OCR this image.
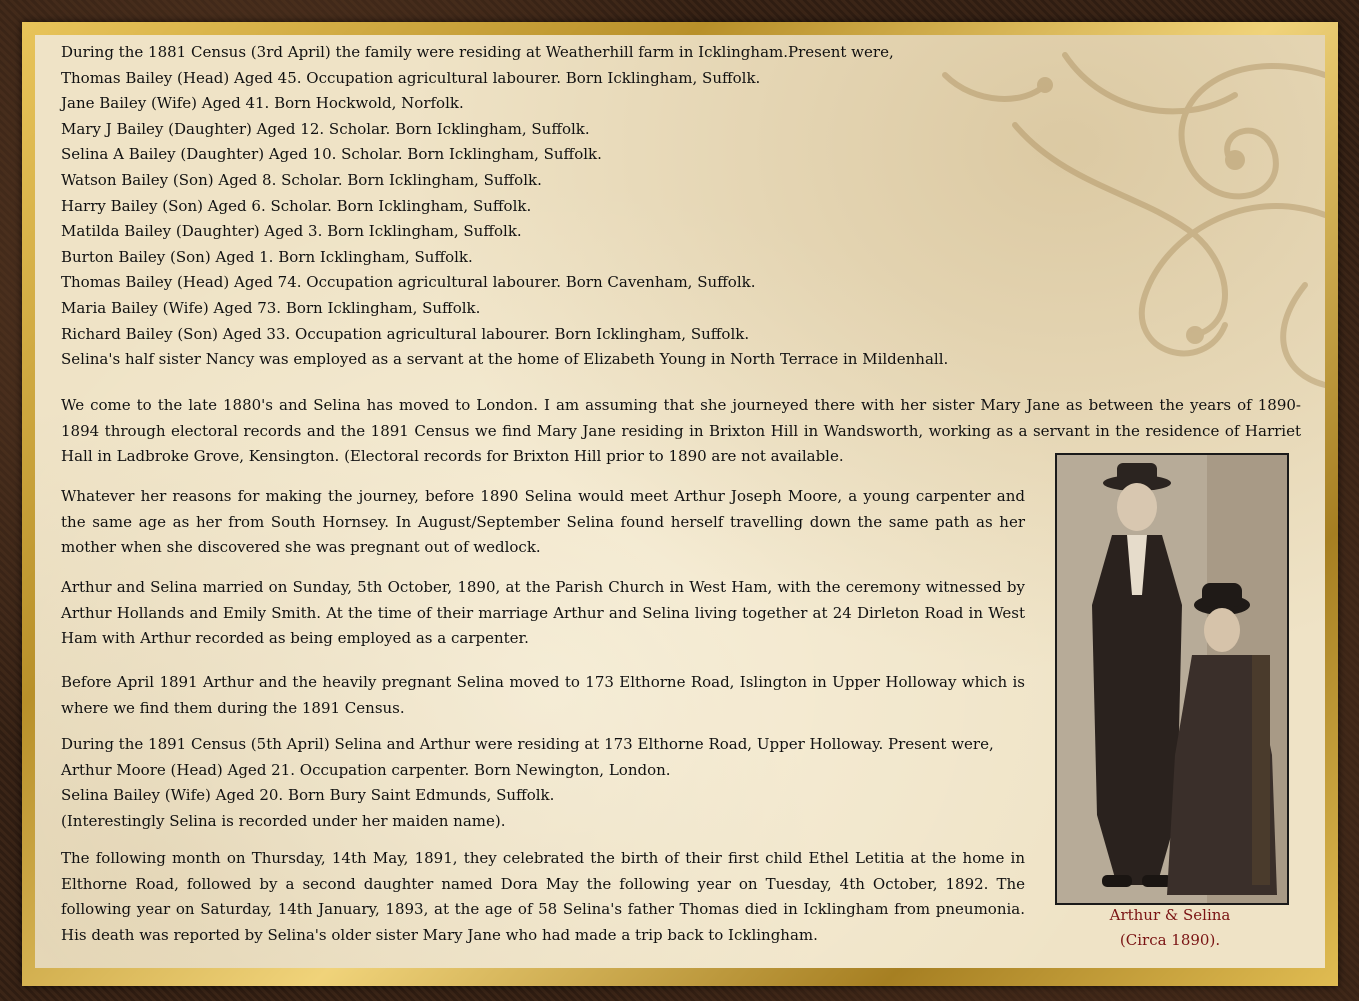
During the 1881 Census (3rd April) the family were residing at Weatherhill farm in Icklingham.Present were,
Thomas Bailey (Head) Aged 45. Occupation agricultural labourer. Born Icklingham, Suffolk.
Jane Bailey (Wife) Aged 41. Born Hockwold, Norfolk.
Mary J Bailey (Daughter) Aged 12. Scholar. Born Icklingham, Suffolk.
Selina A Bailey (Daughter) Aged 10. Scholar. Born Icklingham, Suffolk.
Watson Bailey (Son) Aged 8. Scholar. Born Icklingham, Suffolk.
Harry Bailey (Son) Aged 6. Scholar. Born Icklingham, Suffolk.
Matilda Bailey (Daughter) Aged 3. Born Icklingham, Suffolk.
Burton Bailey (Son) Aged 1. Born Icklingham, Suffolk.
Thomas Bailey (Head) Aged 74. Occupation agricultural labourer. Born Cavenham, Suffolk.
Maria Bailey (Wife) Aged 73. Born Icklingham, Suffolk.
Richard Bailey (Son) Aged 33. Occupation agricultural labourer. Born Icklingham, Suffolk.
Selina's half sister Nancy was employed as a servant at the home of Elizabeth Young in North Terrace in Mildenhall.
We come to the late 1880's and Selina has moved to London. I am assuming that she journeyed there with her sister Mary Jane as between the years of 1890-1894 through electoral records and the 1891 Census we find Mary Jane residing in Brixton Hill in Wandsworth, working as a servant in the residence of Harriet Hall in Ladbroke Grove, Kensington. (Electoral records for Brixton Hill prior to 1890 are not available.
Whatever her reasons for making the journey, before 1890 Selina would meet Arthur Joseph Moore, a young carpenter and the same age as her from South Hornsey. In August/September Selina found herself travelling down the same path as her mother when she discovered she was pregnant out of wedlock.
Arthur and Selina married on Sunday, 5th October, 1890, at the Parish Church in West Ham, with the ceremony witnessed by Arthur Hollands and Emily Smith. At the time of their marriage Arthur and Selina living together at 24 Dirleton Road in West Ham with Arthur recorded as being employed as a carpenter.
Before April 1891 Arthur and the heavily pregnant Selina moved to 173 Elthorne Road, Islington in Upper Holloway which is where we find them during the 1891 Census.
During the 1891 Census (5th April) Selina and Arthur were residing at 173 Elthorne Road, Upper Holloway. Present were,
Arthur Moore (Head) Aged 21. Occupation carpenter. Born Newington, London.
Selina Bailey (Wife) Aged 20. Born Bury Saint Edmunds, Suffolk.
(Interestingly Selina is recorded under her maiden name).
The following month on Thursday, 14th May, 1891, they celebrated the birth of their first child Ethel Letitia at the home in Elthorne Road, followed by a second daughter named Dora May the following year on Tuesday, 4th October, 1892. The following year on Saturday, 14th January, 1893, at the age of 58 Selina's father Thomas died in Icklingham from pneumonia. His death was reported by Selina's older sister Mary Jane who had made a trip back to Icklingham.
Arthur & Selina
(Circa 1890).
